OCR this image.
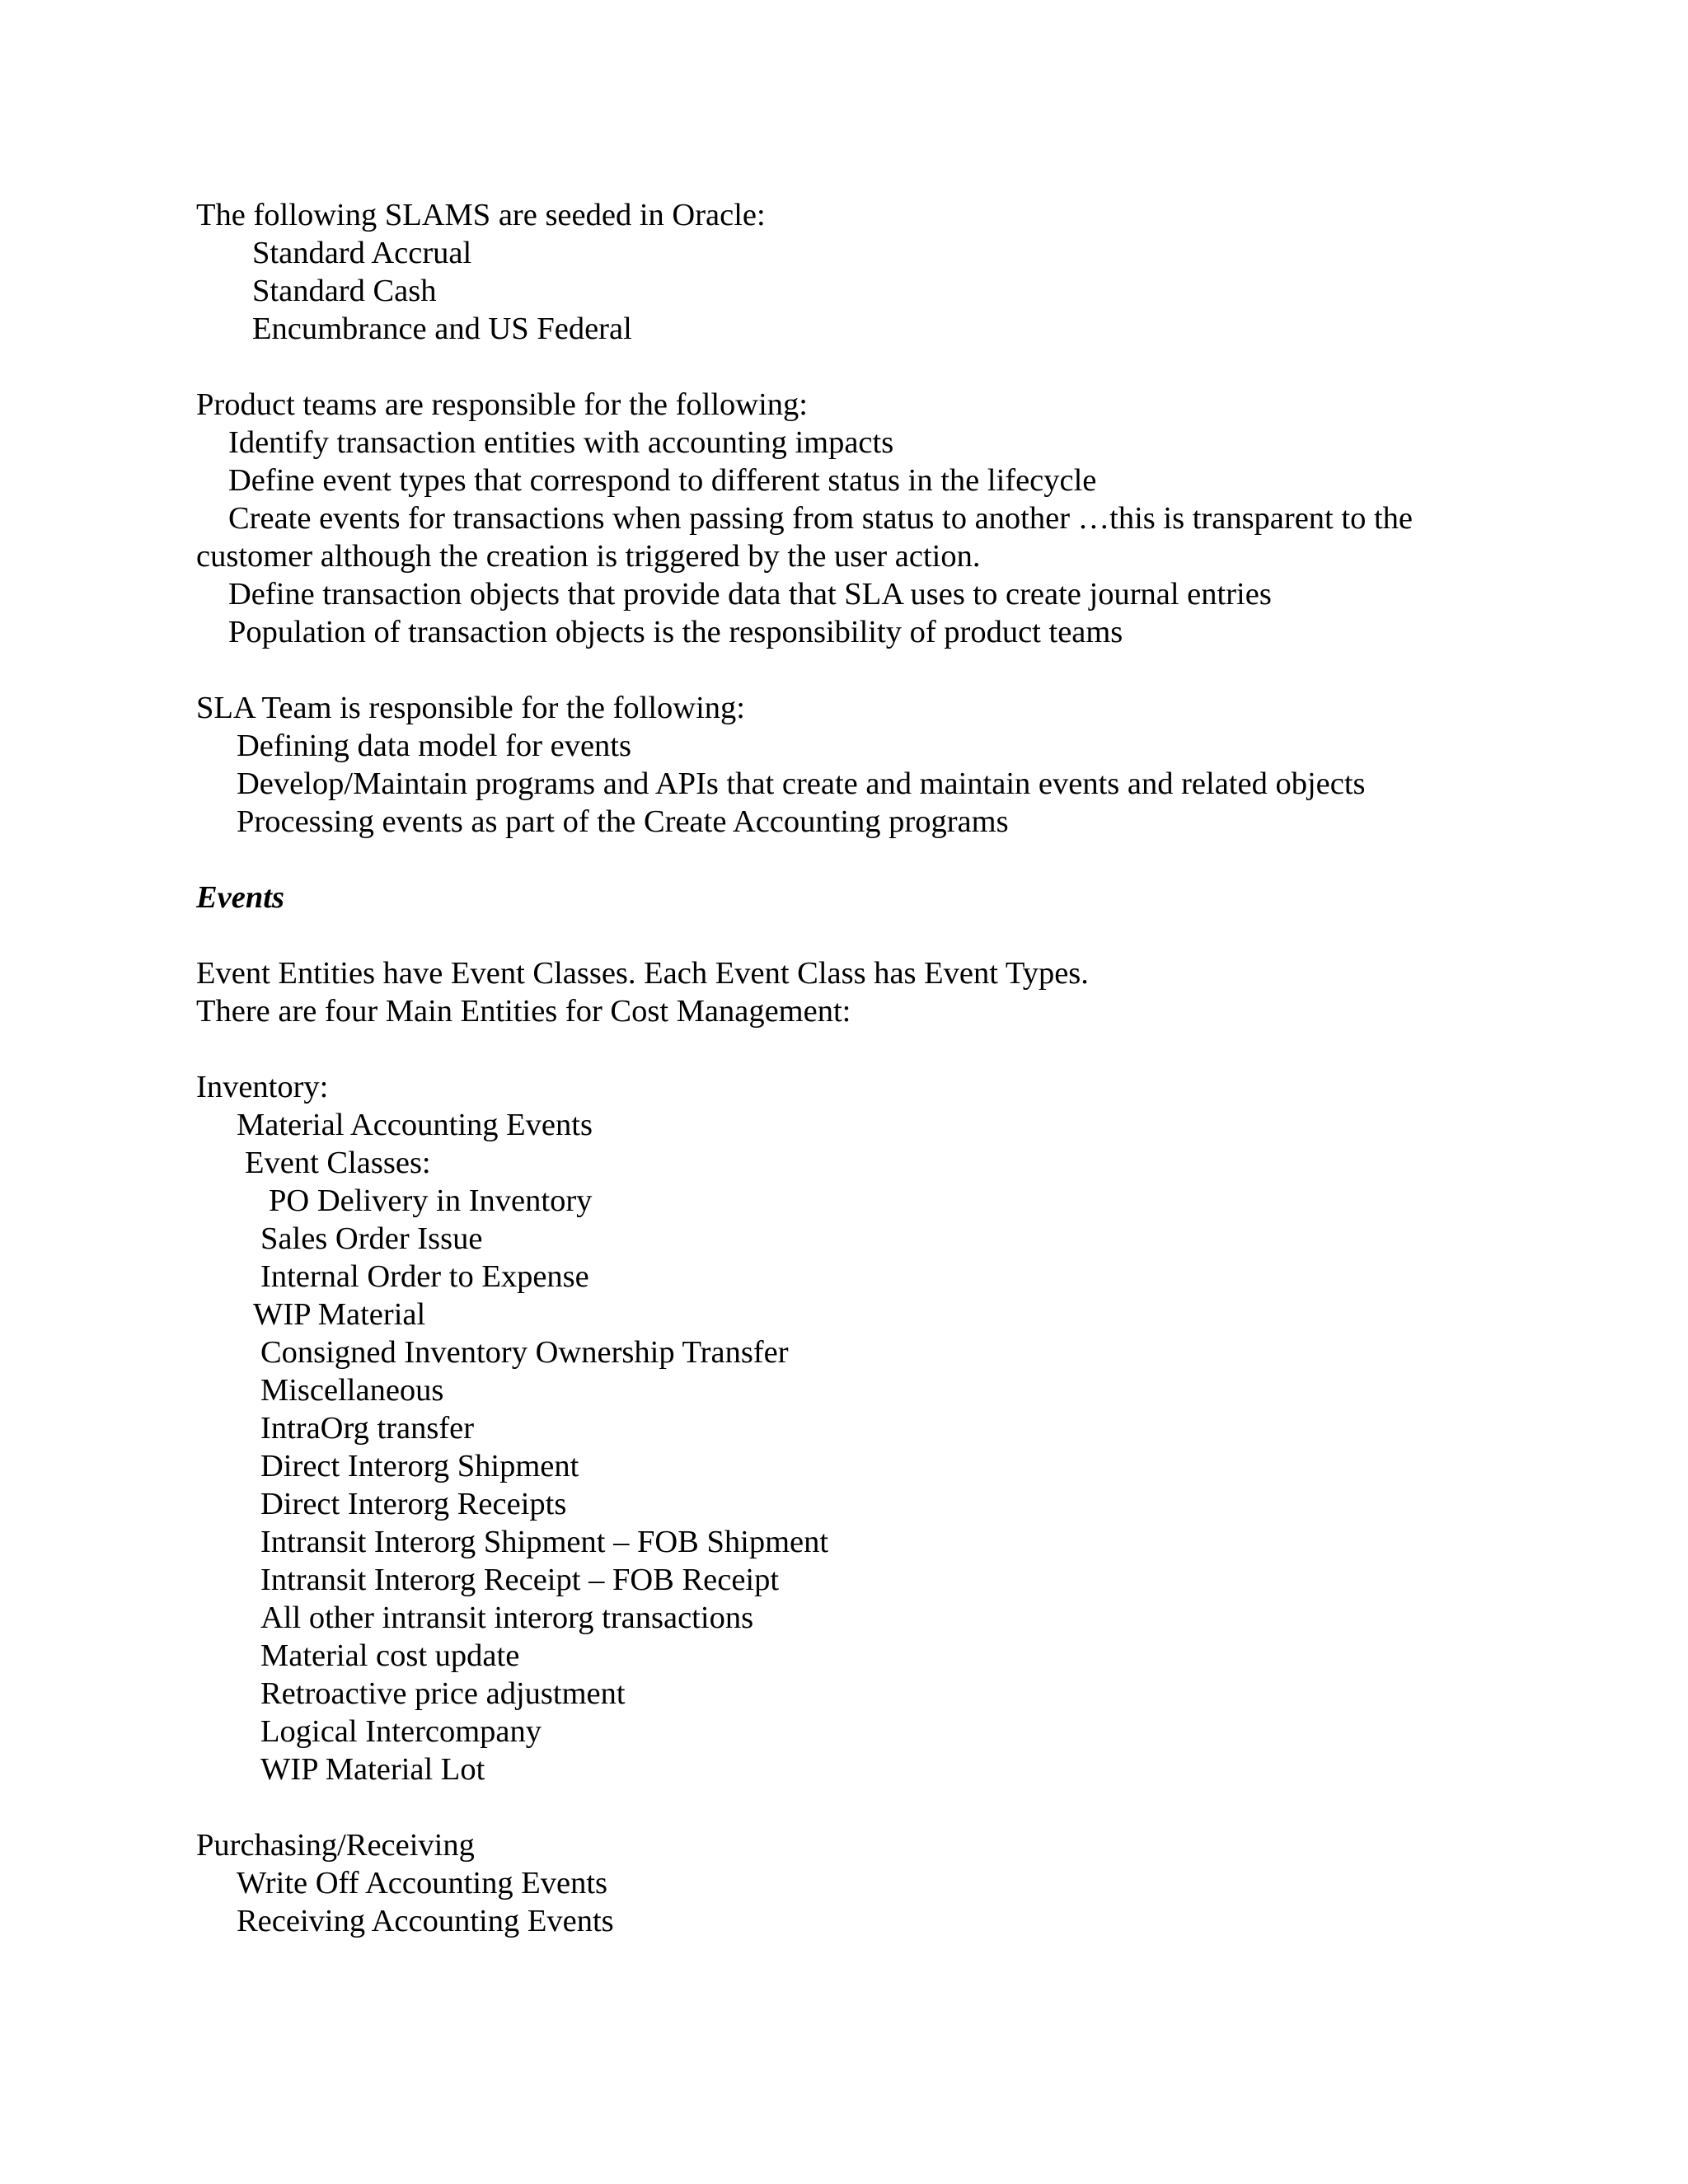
The following SLAMS are seeded in Oracle:

Standard Accrual

Standard Cash

Encumbrance and US Federal

Product teams are responsible for the following:

Identify transaction entities with accounting impacts

Define event types that correspond to different status in the lifecycle

Create events for transactions when passing from status to another …this is transparent to the

customer although the creation is triggered by the user action.

Define transaction objects that provide data that SLA uses to create journal entries

Population of transaction objects is the responsibility of product teams

SLA Team is responsible for the following:

Defining data model for events

Develop/Maintain programs and APIs that create and maintain events and related objects

Processing events as part of the Create Accounting programs

Events

Event Entities have Event Classes. Each Event Class has Event Types.

There are four Main Entities for Cost Management:

Inventory:

Material Accounting Events

Event Classes:

PO Delivery in Inventory

Sales Order Issue

Internal Order to Expense

WIP Material

Consigned Inventory Ownership Transfer

Miscellaneous

IntraOrg transfer

Direct Interorg Shipment

Direct Interorg Receipts

Intransit Interorg Shipment – FOB Shipment

Intransit Interorg Receipt – FOB Receipt

All other intransit interorg transactions

Material cost update

Retroactive price adjustment

Logical Intercompany

WIP Material Lot

Purchasing/Receiving

Write Off Accounting Events

Receiving Accounting Events
